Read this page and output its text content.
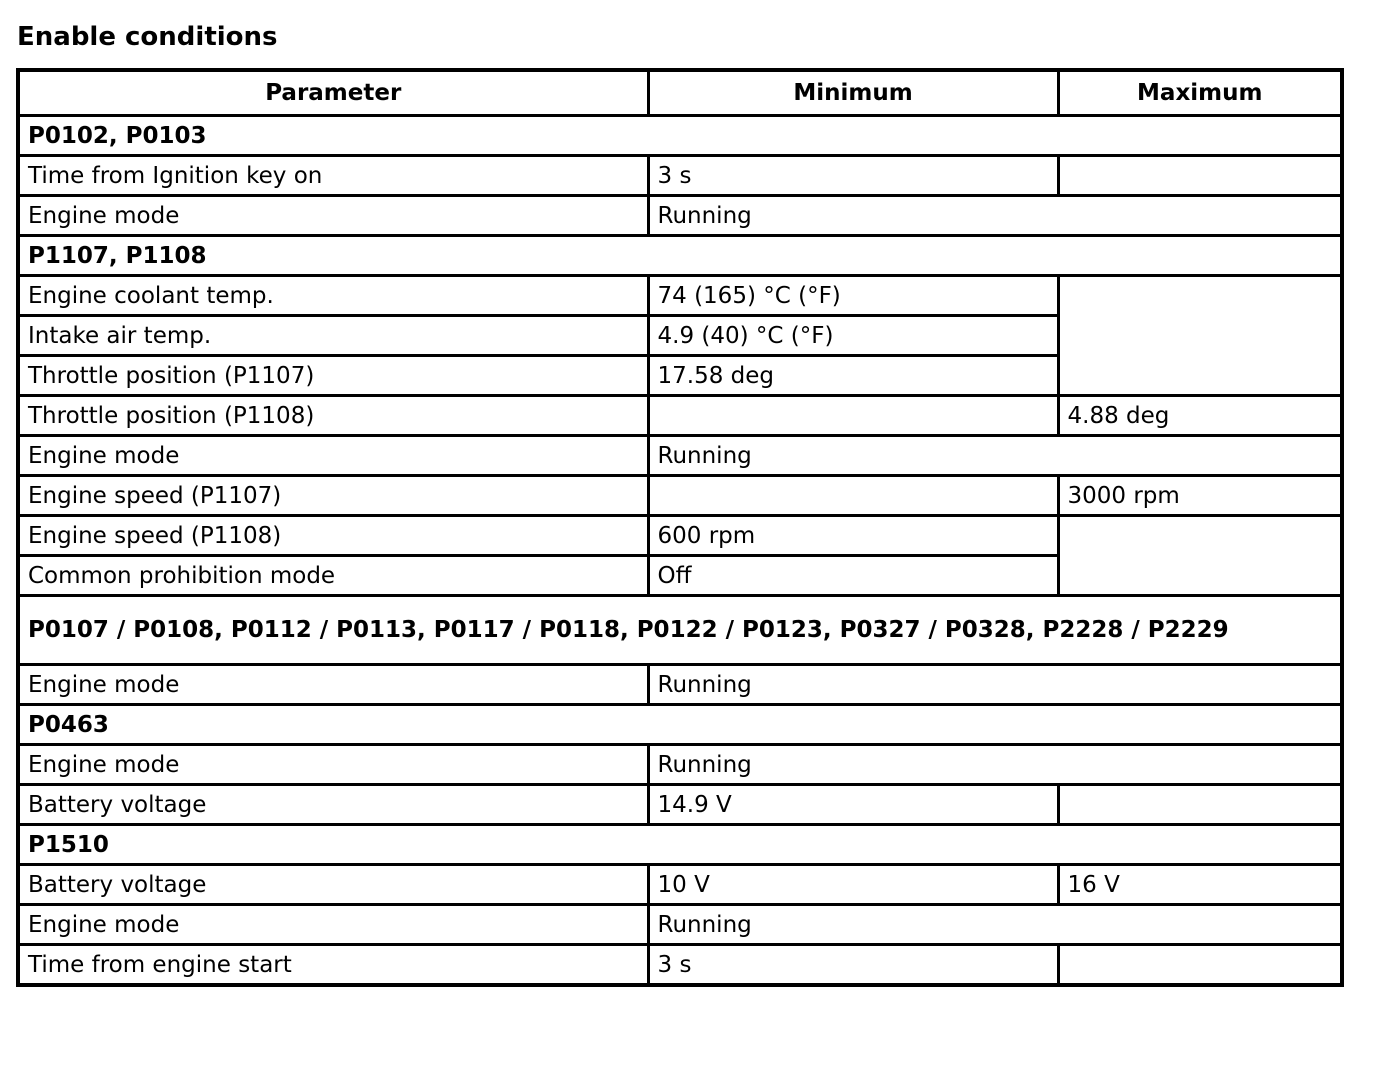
Enable conditions
Parameter	Minimum	Maximum
P0102, P0103		
Time from Ignition key on	3 s	
Engine mode	Running	
P1107, P1108		
Engine coolant temp.	74 (165) °C (°F)	
Intake air temp.	4.9 (40) °C (°F)	
Throttle position (P1107)	17.58 deg	
Throttle position (P1108)		4.88 deg
Engine mode	Running	
Engine speed (P1107)		3000 rpm
Engine speed (P1108)	600 rpm	
Common prohibition mode	Off	
P0107 / P0108, P0112 / P0113, P0117 / P0118, P0122 / P0123, P0327 / P0328, P2228 / P2229		
Engine mode	Running	
P0463		
Engine mode	Running	
Battery voltage	14.9 V	
P1510		
Battery voltage	10 V	16 V
Engine mode	Running	
Time from engine start	3 s	
